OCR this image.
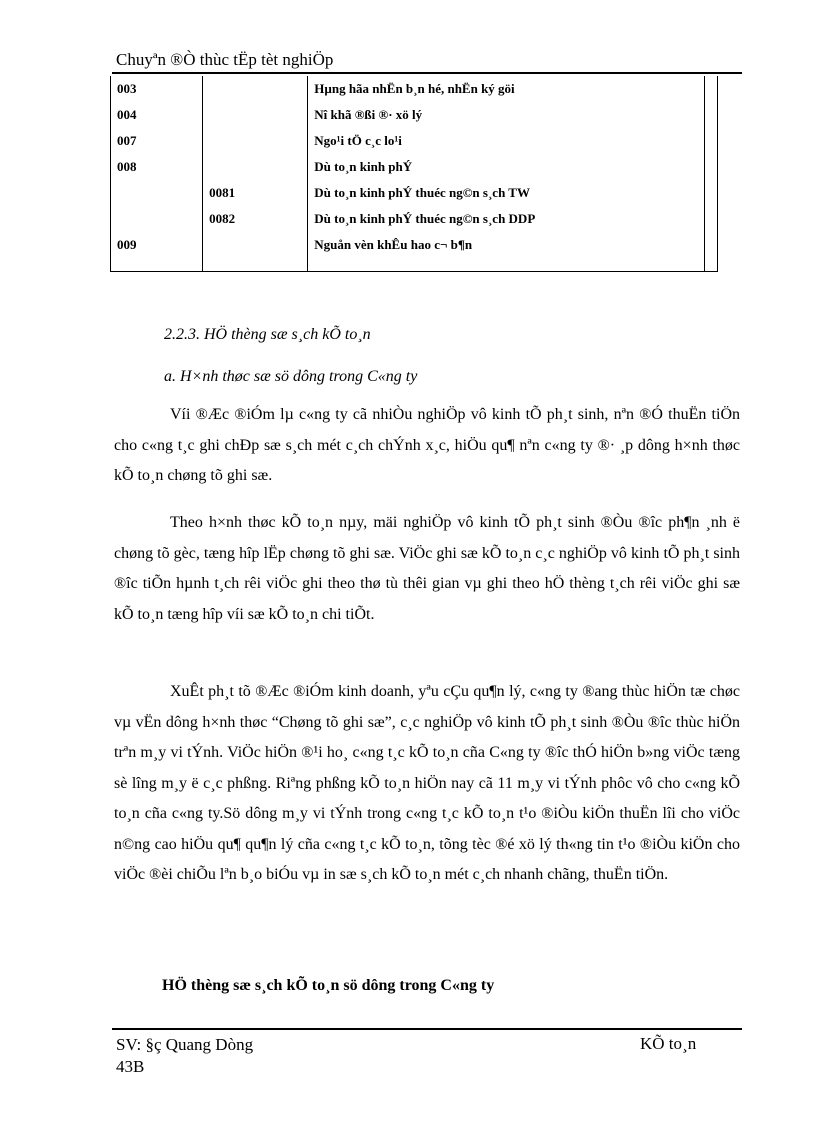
Chuyªn ®Ò thùc tËp tèt nghiÖp
003		Hµng hãa nhËn b¸n hé, nhËn ký göi	
004		Nî khã ®ßi ®· xö lý	
007		Ngo¹i tÖ c¸c lo¹i	
008		Dù to¸n kinh phÝ	
	0081	Dù to¸n kinh phÝ thuéc ng©n s¸ch TW	
	0082	Dù to¸n kinh phÝ thuéc ng©n s¸ch DDP	
009		Nguån vèn khÊu hao c¬ b¶n	
2.2.3. HÖ thèng sæ s¸ch kÕ to¸n
a. H×nh thøc sæ sö dông trong C«ng ty

Víi ®Æc ®iÓm lµ c«ng ty cã nhiÒu nghiÖp vô kinh tÕ ph¸t sinh, nªn ®Ó thuËn tiÖn cho c«ng t¸c ghi chÐp sæ s¸ch mét c¸ch chÝnh x¸c, hiÖu qu¶ nªn c«ng ty ®· ¸p dông h×nh thøc kÕ to¸n chøng tõ ghi sæ.

Theo h×nh thøc kÕ to¸n nµy, mäi nghiÖp vô kinh tÕ ph¸t sinh ®Òu ®îc ph¶n ¸nh ë chøng tõ gèc, tæng hîp lËp chøng tõ ghi sæ. ViÖc ghi sæ kÕ to¸n c¸c nghiÖp vô kinh tÕ ph¸t sinh ®îc tiÕn hµnh t¸ch rêi viÖc ghi theo thø tù thêi gian vµ ghi theo hÖ thèng t¸ch rêi viÖc ghi sæ kÕ to¸n tæng hîp víi sæ kÕ to¸n chi tiÕt.

XuÊt ph¸t tõ ®Æc ®iÓm kinh doanh, yªu cÇu qu¶n lý, c«ng ty ®ang thùc hiÖn tæ chøc vµ vËn dông h×nh thøc “Chøng tõ ghi sæ”, c¸c nghiÖp vô kinh tÕ ph¸t sinh ®Òu ®îc thùc hiÖn trªn m¸y vi tÝnh. ViÖc hiÖn ®¹i ho¸ c«ng t¸c kÕ to¸n cña C«ng ty ®îc thÓ hiÖn b»ng viÖc tæng sè lîng m¸y ë c¸c phßng. Riªng phßng kÕ to¸n hiÖn nay cã 11 m¸y vi tÝnh phôc vô cho c«ng kÕ to¸n cña c«ng ty.Sö dông m¸y vi tÝnh trong c«ng t¸c kÕ to¸n t¹o ®iÒu kiÖn thuËn lîi cho viÖc n©ng cao hiÖu qu¶ qu¶n lý cña c«ng t¸c kÕ to¸n, tõng tèc ®é xö lý th«ng tin t¹o ®iÒu kiÖn cho viÖc ®èi chiÕu lªn b¸o biÓu vµ in sæ s¸ch kÕ to¸n mét c¸ch nhanh chãng, thuËn tiÖn.

HÖ thèng sæ s¸ch kÕ to¸n sö dông trong C«ng ty
SV: §ç Quang Dòng
43B
KÕ to¸n
